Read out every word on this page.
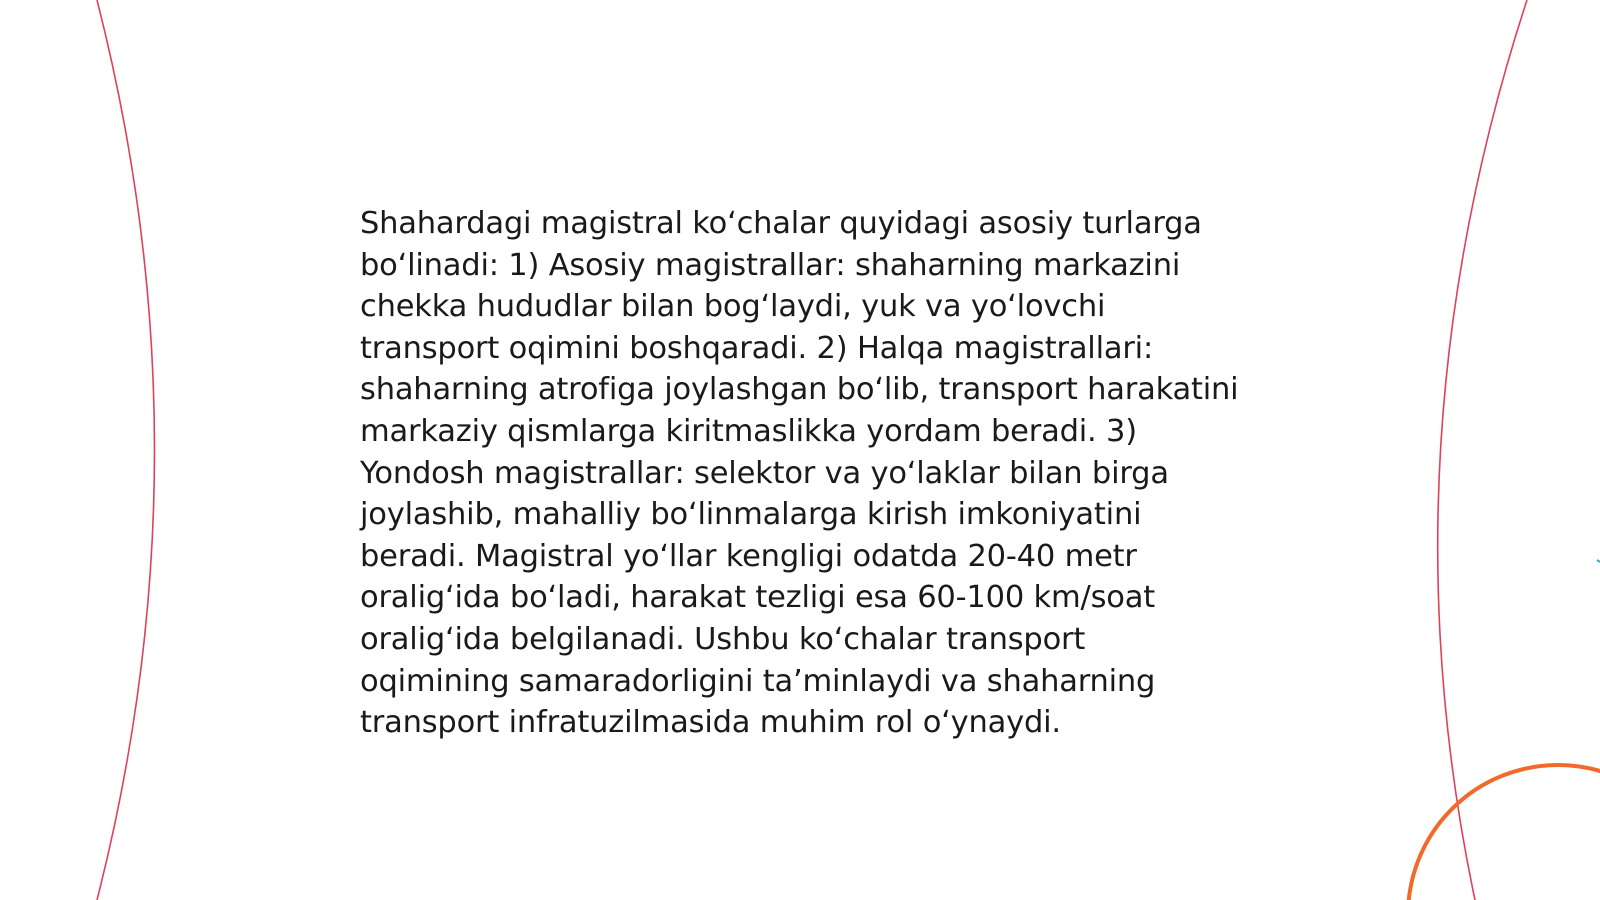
Shahardagi magistral ko‘chalar quyidagi asosiy turlarga bo‘linadi: 1) Asosiy magistrallar: shaharning markazini chekka hududlar bilan bog‘laydi, yuk va yo‘lovchi transport oqimini boshqaradi. 2) Halqa magistrallari: shaharning atrofiga joylashgan bo‘lib, transport harakatini markaziy qismlarga kiritmaslikka yordam beradi. 3) Yondosh magistrallar: selektor va yo‘laklar bilan birga joylashib, mahalliy bo‘linmalarga kirish imkoniyatini beradi. Magistral yo‘llar kengligi odatda 20-40 metr oralig‘ida bo‘ladi, harakat tezligi esa 60-100 km/soat oralig‘ida belgilanadi. Ushbu ko‘chalar transport oqimining samaradorligini ta’minlaydi va shaharning transport infratuzilmasida muhim rol o‘ynaydi.
